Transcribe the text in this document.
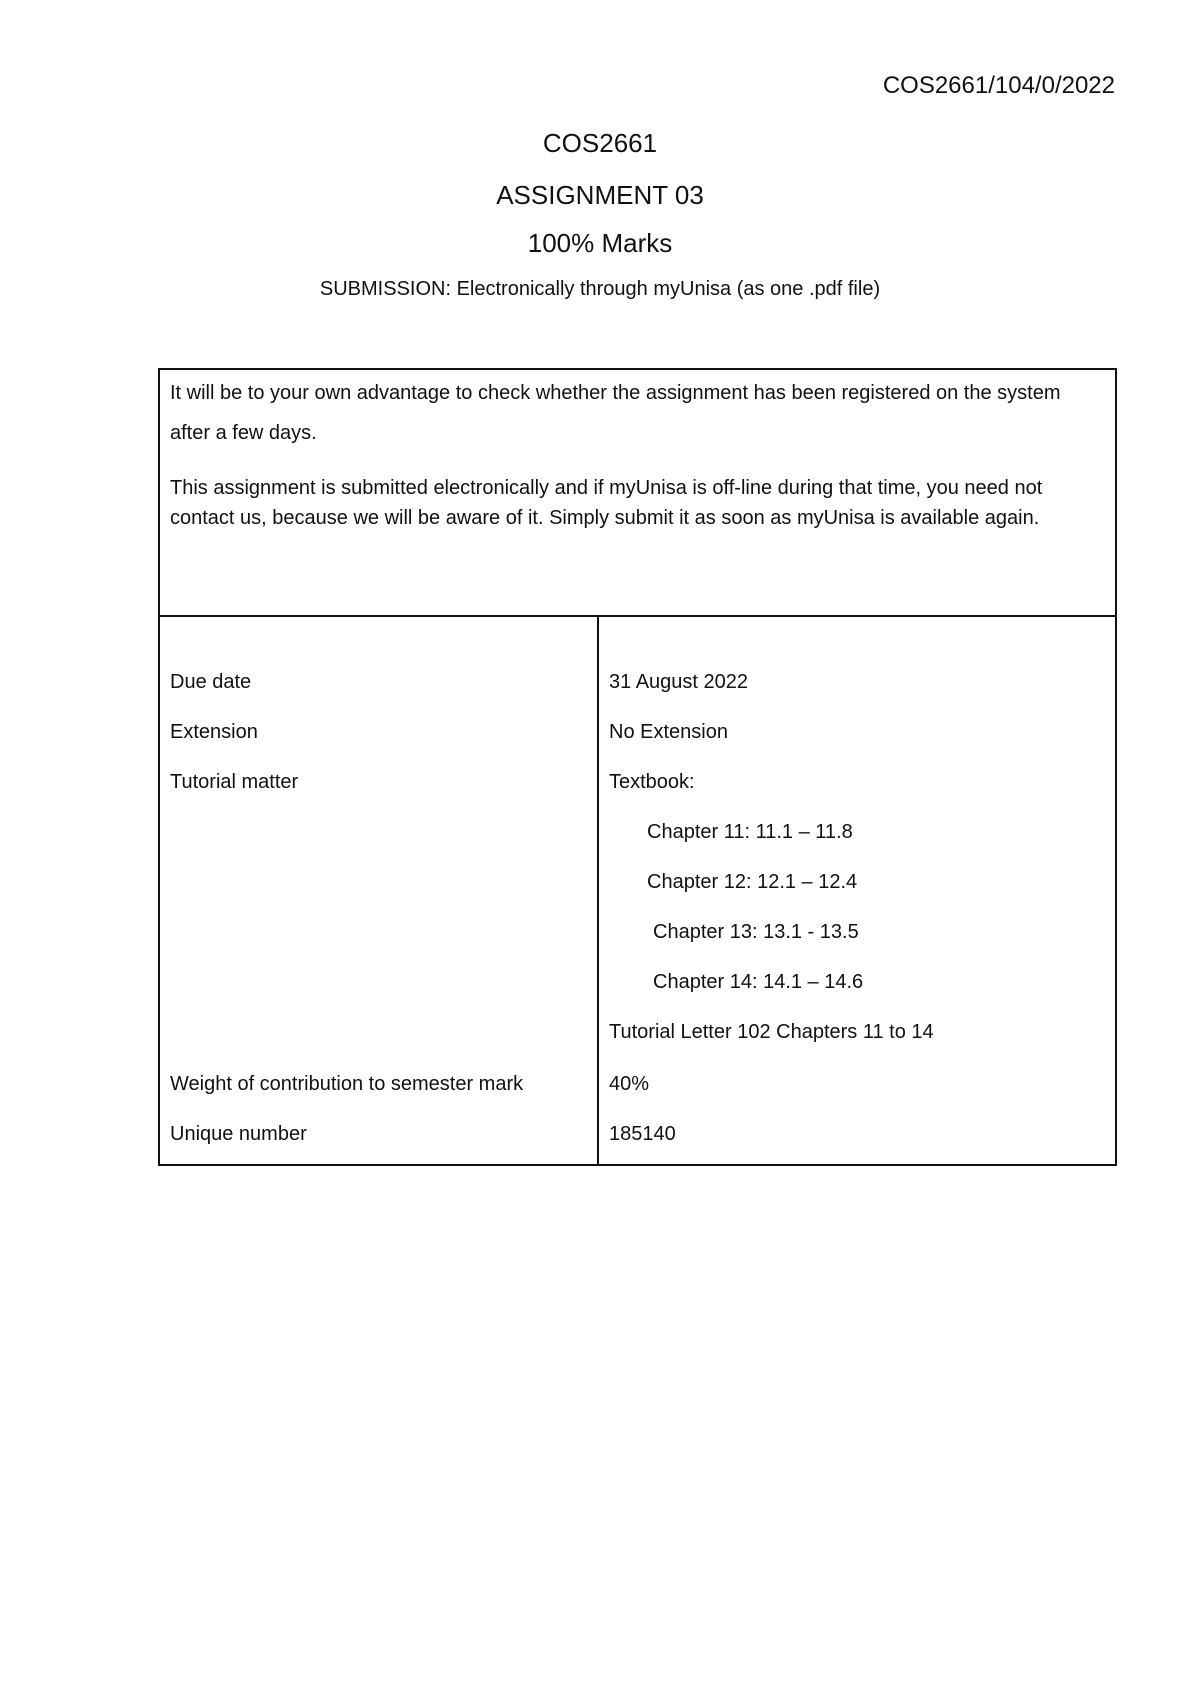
COS2661/104/0/2022
COS2661
ASSIGNMENT 03
100% Marks
SUBMISSION: Electronically through myUnisa (as one .pdf file)

It will be to your own advantage to check whether the assignment has been registered on the system after a few days.

This assignment is submitted electronically and if myUnisa is off-line during that time, you need not contact us, because we will be aware of it. Simply submit it as soon as myUnisa is available again.

Due date	31 August 2022
Extension	No Extension
Tutorial matter	Textbook:
Chapter 11: 11.1 – 11.8
Chapter 12: 12.1 – 12.4
Chapter 13: 13.1 - 13.5
Chapter 14: 14.1 – 14.6
Tutorial Letter 102 Chapters 11 to 14
Weight of contribution to semester mark	40%
Unique number	185140
